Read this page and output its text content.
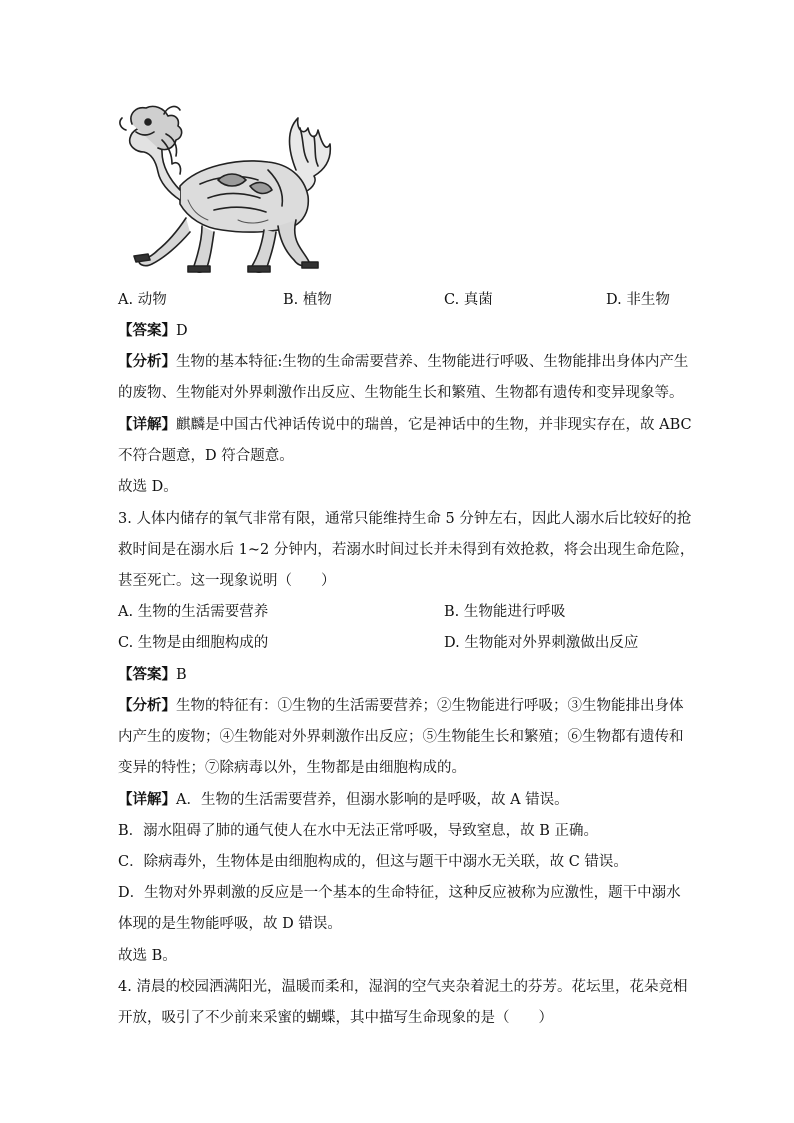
A. 动物	B. 植物	C. 真菌	D. 非生物
【答案】D
【分析】生物的基本特征:生物的生命需要营养、生物能进行呼吸、生物能排出身体内产生
的废物、生物能对外界刺激作出反应、生物能生长和繁殖、生物都有遗传和变异现象等。
【详解】麒麟是中国古代神话传说中的瑞兽，它是神话中的生物，并非现实存在，故 ABC
不符合题意，D 符合题意。
故选 D。
3. 人体内储存的氧气非常有限，通常只能维持生命 5 分钟左右，因此人溺水后比较好的抢
救时间是在溺水后 1~2 分钟内，若溺水时间过长并未得到有效抢救，将会出现生命危险，
甚至死亡。这一现象说明（　　）
A. 生物的生活需要营养	B. 生物能进行呼吸
C. 生物是由细胞构成的	D. 生物能对外界刺激做出反应
【答案】B
【分析】生物的特征有：①生物的生活需要营养；②生物能进行呼吸；③生物能排出身体
内产生的废物；④生物能对外界刺激作出反应；⑤生物能生长和繁殖；⑥生物都有遗传和
变异的特性；⑦除病毒以外，生物都是由细胞构成的。
【详解】A．生物的生活需要营养，但溺水影响的是呼吸，故 A 错误。
B．溺水阻碍了肺的通气使人在水中无法正常呼吸，导致窒息，故 B 正确。
C．除病毒外，生物体是由细胞构成的，但这与题干中溺水无关联，故 C 错误。
D．生物对外界刺激的反应是一个基本的生命特征，这种反应被称为应激性，题干中溺水
体现的是生物能呼吸，故 D 错误。
故选 B。
4. 清晨的校园洒满阳光，温暖而柔和，湿润的空气夹杂着泥土的芬芳。花坛里，花朵竞相
开放，吸引了不少前来采蜜的蝴蝶，其中描写生命现象的是（　　）
